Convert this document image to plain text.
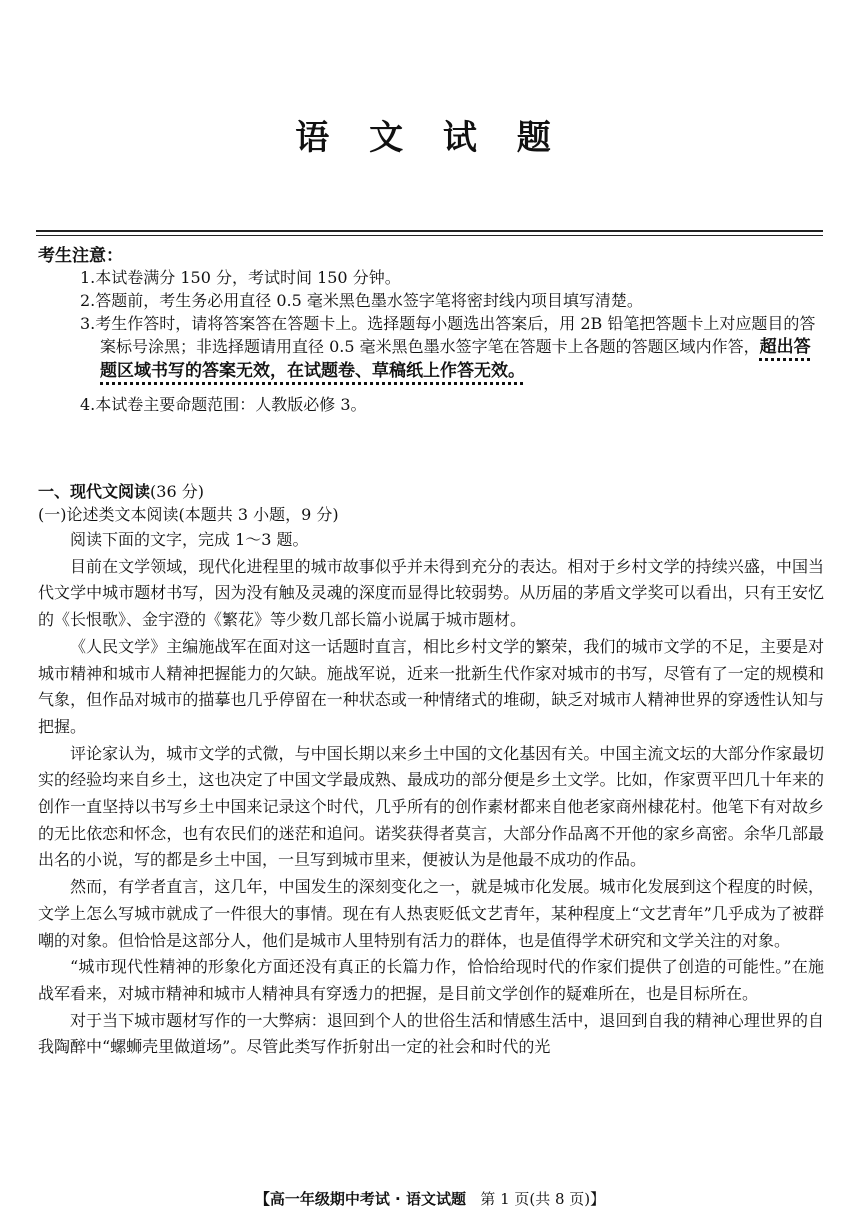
语 文 试 题
考生注意：
1.本试卷满分 150 分，考试时间 150 分钟。
2.答题前，考生务必用直径 0.5 毫米黑色墨水签字笔将密封线内项目填写清楚。
3.考生作答时，请将答案答在答题卡上。选择题每小题选出答案后，用 2B 铅笔把答题卡上对应题目的答案标号涂黑；非选择题请用直径 0.5 毫米黑色墨水签字笔在答题卡上各题的答题区域内作答，超出答题区域书写的答案无效，在试题卷、草稿纸上作答无效。
4.本试卷主要命题范围：人教版必修 3。
一、现代文阅读(36 分)
(一)论述类文本阅读(本题共 3 小题，9 分)

阅读下面的文字，完成 1～3 题。

目前在文学领域，现代化进程里的城市故事似乎并未得到充分的表达。相对于乡村文学的持续兴盛，中国当代文学中城市题材书写，因为没有触及灵魂的深度而显得比较弱势。从历届的茅盾文学奖可以看出，只有王安忆的《长恨歌》、金宇澄的《繁花》等少数几部长篇小说属于城市题材。

《人民文学》主编施战军在面对这一话题时直言，相比乡村文学的繁荣，我们的城市文学的不足，主要是对城市精神和城市人精神把握能力的欠缺。施战军说，近来一批新生代作家对城市的书写，尽管有了一定的规模和气象，但作品对城市的描摹也几乎停留在一种状态或一种情绪式的堆砌，缺乏对城市人精神世界的穿透性认知与把握。

评论家认为，城市文学的式微，与中国长期以来乡土中国的文化基因有关。中国主流文坛的大部分作家最切实的经验均来自乡土，这也决定了中国文学最成熟、最成功的部分便是乡土文学。比如，作家贾平凹几十年来的创作一直坚持以书写乡土中国来记录这个时代，几乎所有的创作素材都来自他老家商州棣花村。他笔下有对故乡的无比依恋和怀念，也有农民们的迷茫和追问。诺奖获得者莫言，大部分作品离不开他的家乡高密。余华几部最出名的小说，写的都是乡土中国，一旦写到城市里来，便被认为是他最不成功的作品。

然而，有学者直言，这几年，中国发生的深刻变化之一，就是城市化发展。城市化发展到这个程度的时候，文学上怎么写城市就成了一件很大的事情。现在有人热衷贬低文艺青年，某种程度上“文艺青年”几乎成为了被群嘲的对象。但恰恰是这部分人，他们是城市人里特别有活力的群体，也是值得学术研究和文学关注的对象。

“城市现代性精神的形象化方面还没有真正的长篇力作，恰恰给现时代的作家们提供了创造的可能性。”在施战军看来，对城市精神和城市人精神具有穿透力的把握，是目前文学创作的疑难所在，也是目标所在。

对于当下城市题材写作的一大弊病：退回到个人的世俗生活和情感生活中，退回到自我的精神心理世界的自我陶醉中“螺蛳壳里做道场”。尽管此类写作折射出一定的社会和时代的光

【高一年级期中考试 · 语文试题 第 1 页(共 8 页)】
